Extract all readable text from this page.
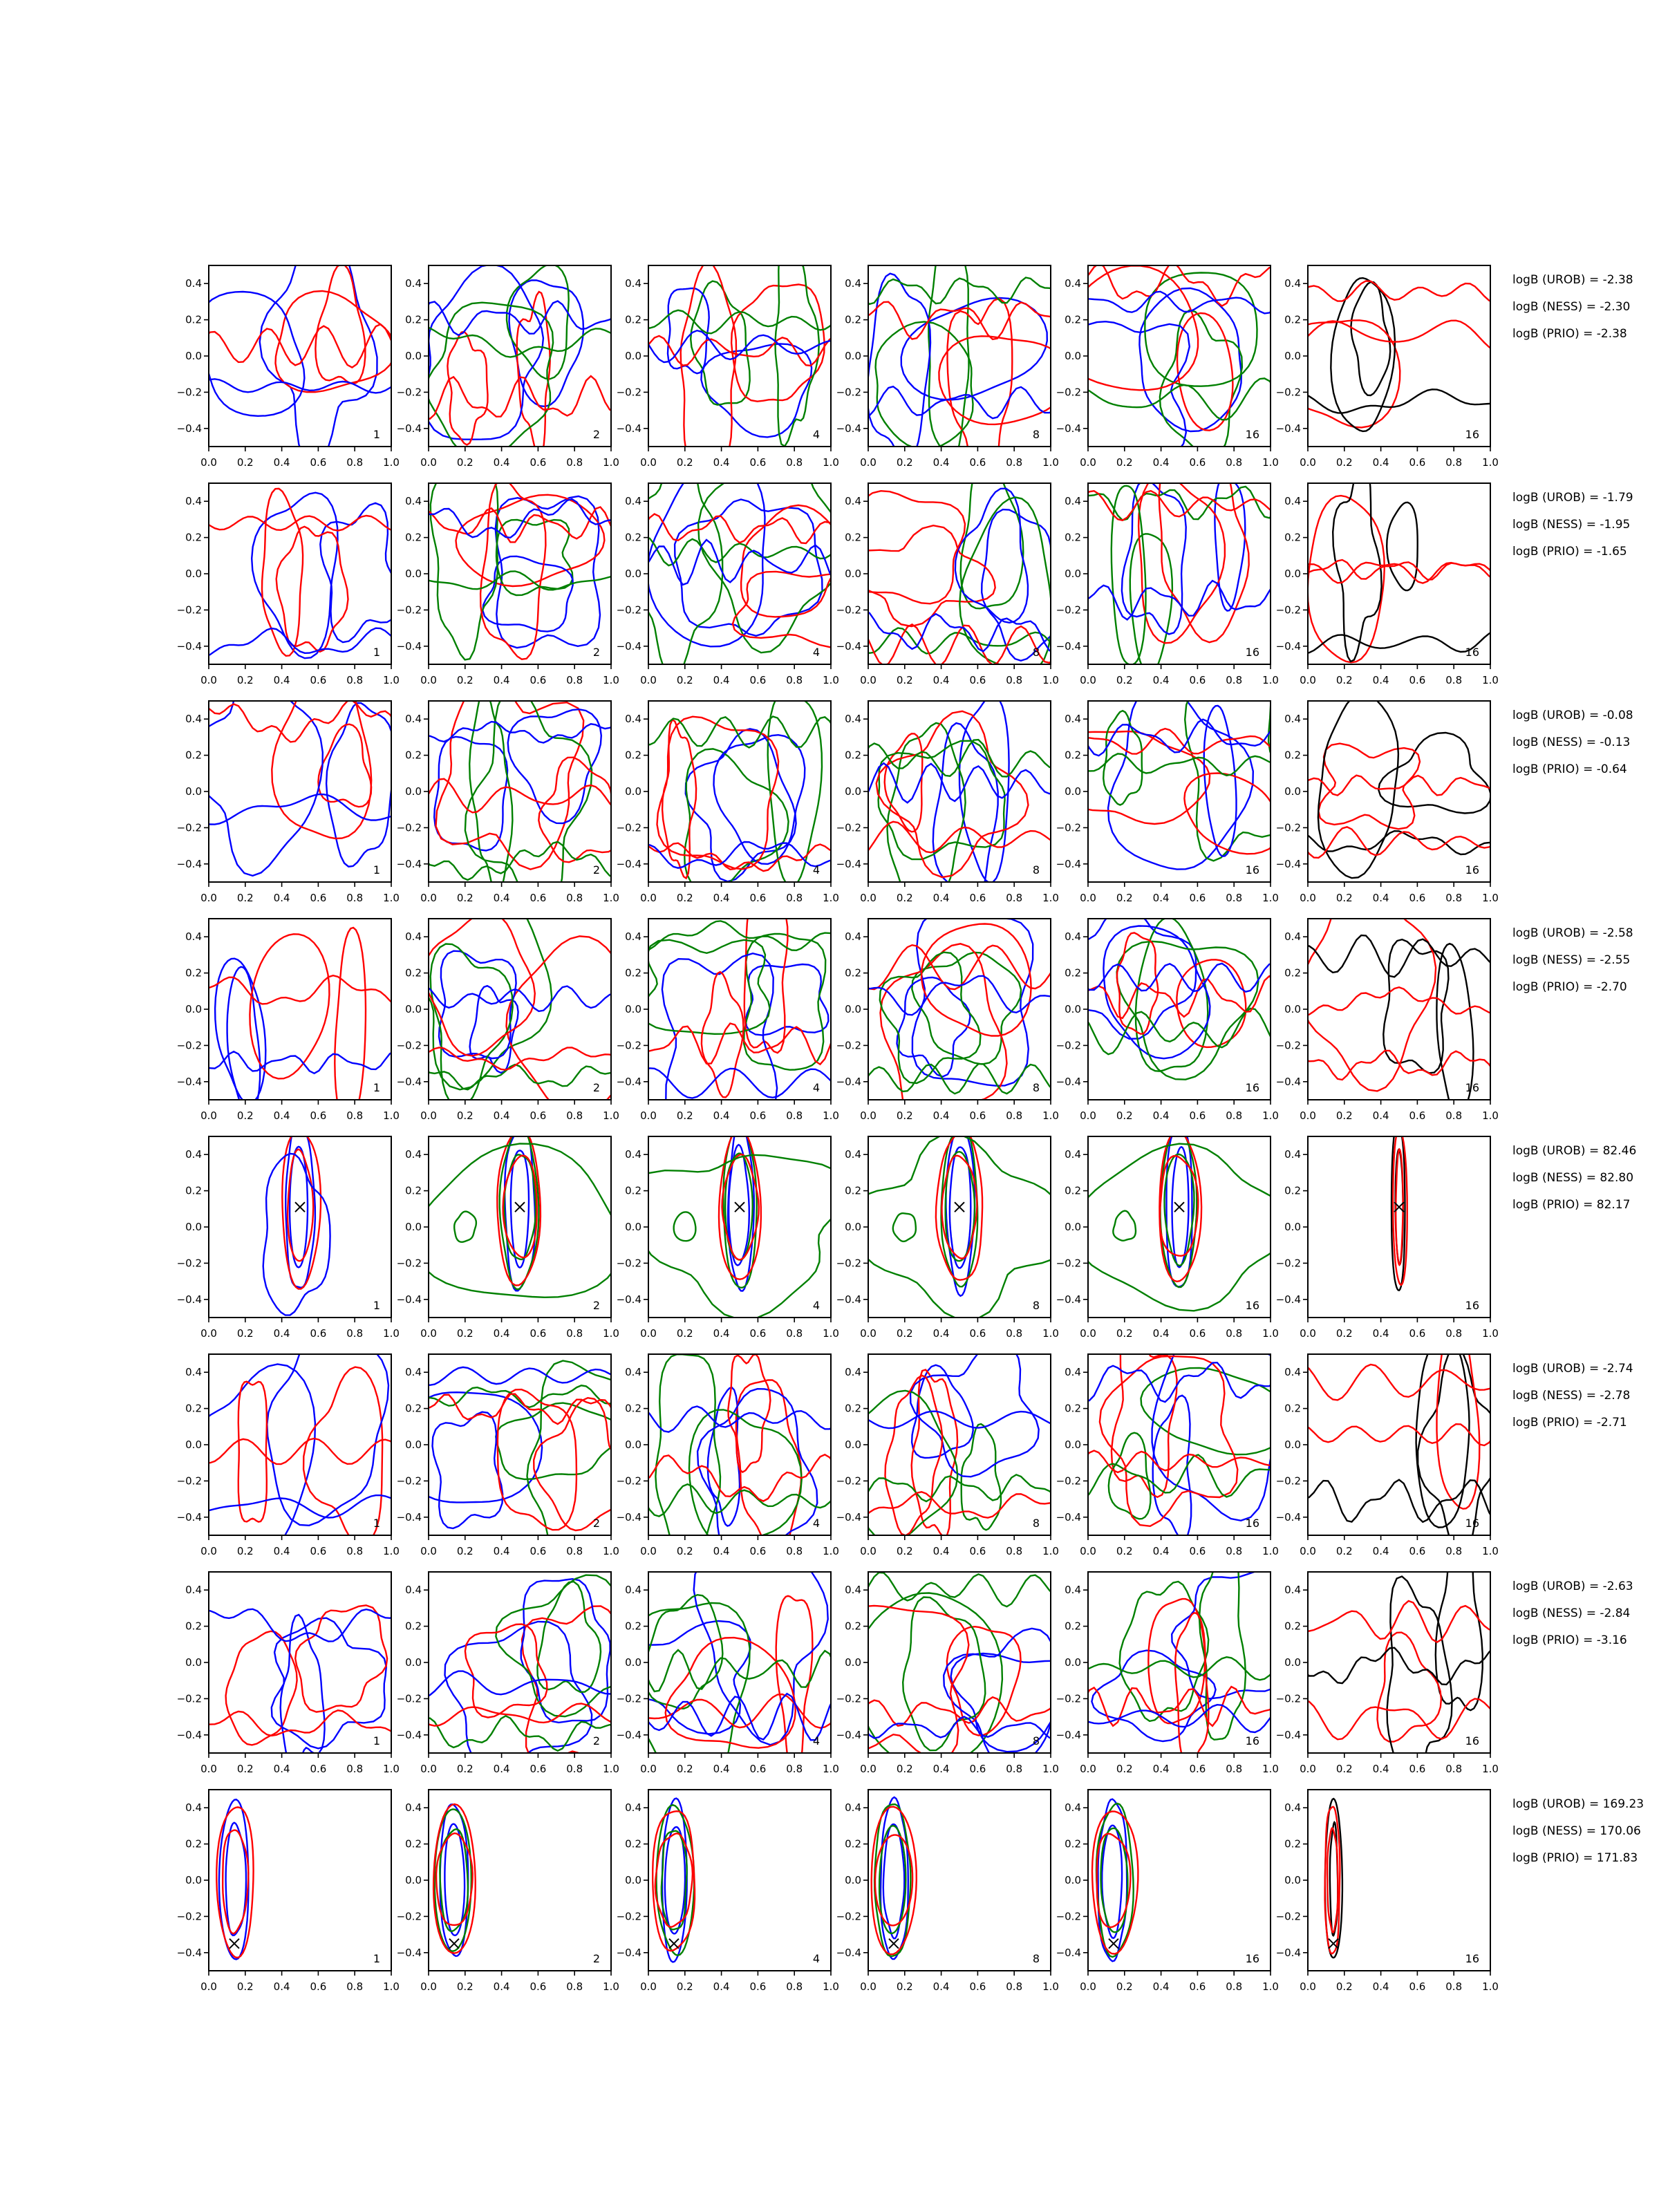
0.0 0.2 0.4 0.6 0.8 1.0
0.4
0.2
0.0
−0.2
−0.4	1
0.0 0.2 0.4 0.6 0.8 1.0
0.4
0.2
0.0
−0.2
−0.4	2
0.0 0.2 0.4 0.6 0.8 1.0
0.4
0.2
0.0
−0.2
−0.4	4
0.0 0.2 0.4 0.6 0.8 1.0
0.4
0.2
0.0
−0.2
−0.4	8
0.0 0.2 0.4 0.6 0.8 1.0
0.4
0.2
0.0
−0.2
−0.4	16
0.0 0.2 0.4 0.6 0.8 1.0
0.4
0.2
0.0
−0.2
−0.4	16
logB (UROB) = -2.38
logB (NESS) = -2.30
logB (PRIO) = -2.38
0.0 0.2 0.4 0.6 0.8 1.0
0.4
0.2
0.0
−0.2
−0.4	1
0.0 0.2 0.4 0.6 0.8 1.0
0.4
0.2
0.0
−0.2
−0.4	2
0.0 0.2 0.4 0.6 0.8 1.0
0.4
0.2
0.0
−0.2
−0.4	4
0.0 0.2 0.4 0.6 0.8 1.0
0.4
0.2
0.0
−0.2
−0.4	8
0.0 0.2 0.4 0.6 0.8 1.0
0.4
0.2
0.0
−0.2
−0.4	16
0.0 0.2 0.4 0.6 0.8 1.0
0.4
0.2
0.0
−0.2
−0.4	16
logB (UROB) = -1.79
logB (NESS) = -1.95
logB (PRIO) = -1.65
0.0 0.2 0.4 0.6 0.8 1.0
0.4
0.2
0.0
−0.2
−0.4	1
0.0 0.2 0.4 0.6 0.8 1.0
0.4
0.2
0.0
−0.2
−0.4	2
0.0 0.2 0.4 0.6 0.8 1.0
0.4
0.2
0.0
−0.2
−0.4	4
0.0 0.2 0.4 0.6 0.8 1.0
0.4
0.2
0.0
−0.2
−0.4	8
0.0 0.2 0.4 0.6 0.8 1.0
0.4
0.2
0.0
−0.2
−0.4	16
0.0 0.2 0.4 0.6 0.8 1.0
0.4
0.2
0.0
−0.2
−0.4	16
logB (UROB) = -0.08
logB (NESS) = -0.13
logB (PRIO) = -0.64
0.0 0.2 0.4 0.6 0.8 1.0
0.4
0.2
0.0
−0.2
−0.4	1
0.0 0.2 0.4 0.6 0.8 1.0
0.4
0.2
0.0
−0.2
−0.4	2
0.0 0.2 0.4 0.6 0.8 1.0
0.4
0.2
0.0
−0.2
−0.4	4
0.0 0.2 0.4 0.6 0.8 1.0
0.4
0.2
0.0
−0.2
−0.4	8
0.0 0.2 0.4 0.6 0.8 1.0
0.4
0.2
0.0
−0.2
−0.4	16
0.0 0.2 0.4 0.6 0.8 1.0
0.4
0.2
0.0
−0.2
−0.4	16
logB (UROB) = -2.58
logB (NESS) = -2.55
logB (PRIO) = -2.70
0.0 0.2 0.4 0.6 0.8 1.0
0.4
0.2
0.0
−0.2
−0.4	1
0.0 0.2 0.4 0.6 0.8 1.0
0.4
0.2
0.0
−0.2
−0.4	2
0.0 0.2 0.4 0.6 0.8 1.0
0.4
0.2
0.0
−0.2
−0.4	4
0.0 0.2 0.4 0.6 0.8 1.0
0.4
0.2
0.0
−0.2
−0.4	8
0.0 0.2 0.4 0.6 0.8 1.0
0.4
0.2
0.0
−0.2
−0.4	16
0.0 0.2 0.4 0.6 0.8 1.0
0.4
0.2
0.0
−0.2
−0.4	16
logB (UROB) = 82.46
logB (NESS) = 82.80
logB (PRIO) = 82.17
0.0 0.2 0.4 0.6 0.8 1.0
0.4
0.2
0.0
−0.2
−0.4	1
0.0 0.2 0.4 0.6 0.8 1.0
0.4
0.2
0.0
−0.2
−0.4	2
0.0 0.2 0.4 0.6 0.8 1.0
0.4
0.2
0.0
−0.2
−0.4	4
0.0 0.2 0.4 0.6 0.8 1.0
0.4
0.2
0.0
−0.2
−0.4	8
0.0 0.2 0.4 0.6 0.8 1.0
0.4
0.2
0.0
−0.2
−0.4	16
0.0 0.2 0.4 0.6 0.8 1.0
0.4
0.2
0.0
−0.2
−0.4	16
logB (UROB) = -2.74
logB (NESS) = -2.78
logB (PRIO) = -2.71
0.0 0.2 0.4 0.6 0.8 1.0
0.4
0.2
0.0
−0.2
−0.4	1
0.0 0.2 0.4 0.6 0.8 1.0
0.4
0.2
0.0
−0.2
−0.4	2
0.0 0.2 0.4 0.6 0.8 1.0
0.4
0.2
0.0
−0.2
−0.4	4
0.0 0.2 0.4 0.6 0.8 1.0
0.4
0.2
0.0
−0.2
−0.4	8
0.0 0.2 0.4 0.6 0.8 1.0
0.4
0.2
0.0
−0.2
−0.4	16
0.0 0.2 0.4 0.6 0.8 1.0
0.4
0.2
0.0
−0.2
−0.4	16
logB (UROB) = -2.63
logB (NESS) = -2.84
logB (PRIO) = -3.16
0.0 0.2 0.4 0.6 0.8 1.0
0.4
0.2
0.0
−0.2
−0.4	1
0.0 0.2 0.4 0.6 0.8 1.0
0.4
0.2
0.0
−0.2
−0.4	2
0.0 0.2 0.4 0.6 0.8 1.0
0.4
0.2
0.0
−0.2
−0.4	4
0.0 0.2 0.4 0.6 0.8 1.0
0.4
0.2
0.0
−0.2
−0.4	8
0.0 0.2 0.4 0.6 0.8 1.0
0.4
0.2
0.0
−0.2
−0.4	16
0.0 0.2 0.4 0.6 0.8 1.0
0.4
0.2
0.0
−0.2
−0.4	16
logB (UROB) = 169.23
logB (NESS) = 170.06
logB (PRIO) = 171.83
